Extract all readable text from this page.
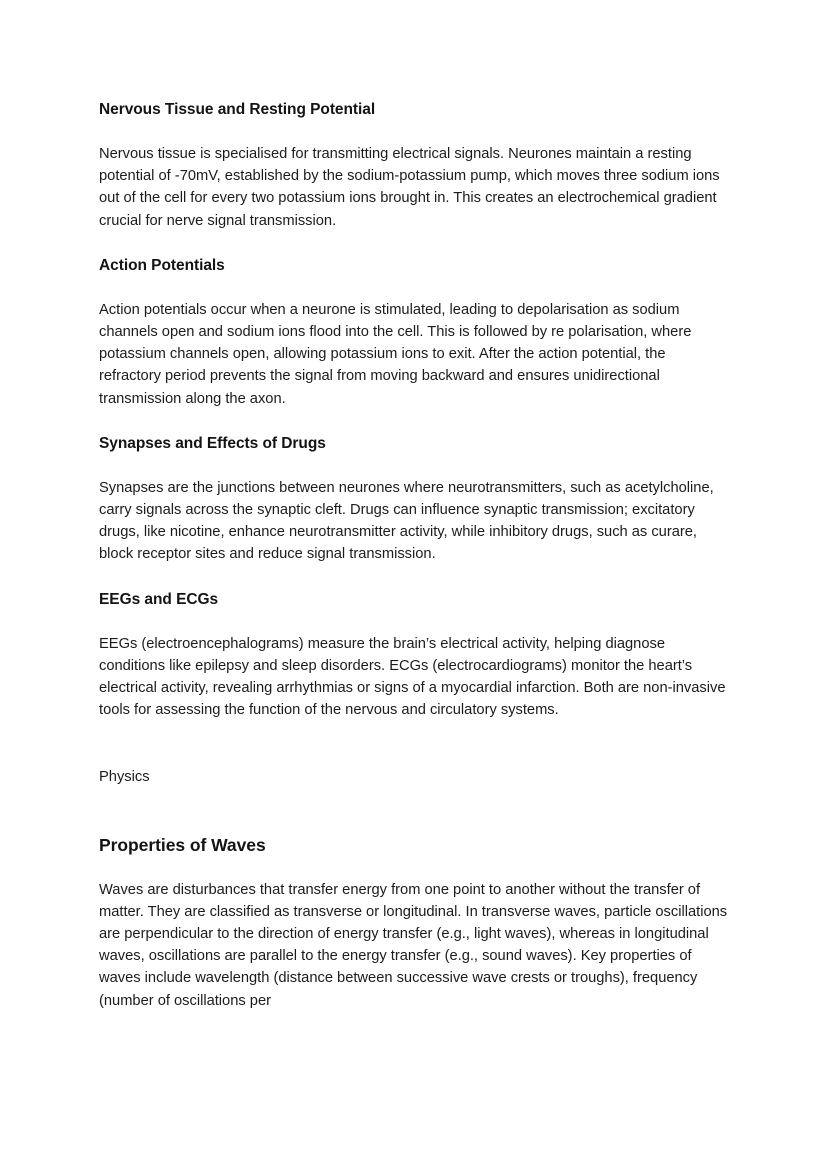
Nervous Tissue and Resting Potential

Nervous tissue is specialised for transmitting electrical signals. Neurones maintain a resting potential of -70mV, established by the sodium-potassium pump, which moves three sodium ions out of the cell for every two potassium ions brought in. This creates an electrochemical gradient crucial for nerve signal transmission.

Action Potentials

Action potentials occur when a neurone is stimulated, leading to depolarisation as sodium channels open and sodium ions flood into the cell. This is followed by re polarisation, where potassium channels open, allowing potassium ions to exit. After the action potential, the refractory period prevents the signal from moving backward and ensures unidirectional transmission along the axon.

Synapses and Effects of Drugs

Synapses are the junctions between neurones where neurotransmitters, such as acetylcholine, carry signals across the synaptic cleft. Drugs can influence synaptic transmission; excitatory drugs, like nicotine, enhance neurotransmitter activity, while inhibitory drugs, such as curare, block receptor sites and reduce signal transmission.

EEGs and ECGs

EEGs (electroencephalograms) measure the brain’s electrical activity, helping diagnose conditions like epilepsy and sleep disorders. ECGs (electrocardiograms) monitor the heart’s electrical activity, revealing arrhythmias or signs of a myocardial infarction. Both are non-invasive tools for assessing the function of the nervous and circulatory systems.

Physics

Properties of Waves

Waves are disturbances that transfer energy from one point to another without the transfer of matter. They are classified as transverse or longitudinal. In transverse waves, particle oscillations are perpendicular to the direction of energy transfer (e.g., light waves), whereas in longitudinal waves, oscillations are parallel to the energy transfer (e.g., sound waves). Key properties of waves include wavelength (distance between successive wave crests or troughs), frequency (number of oscillations per
